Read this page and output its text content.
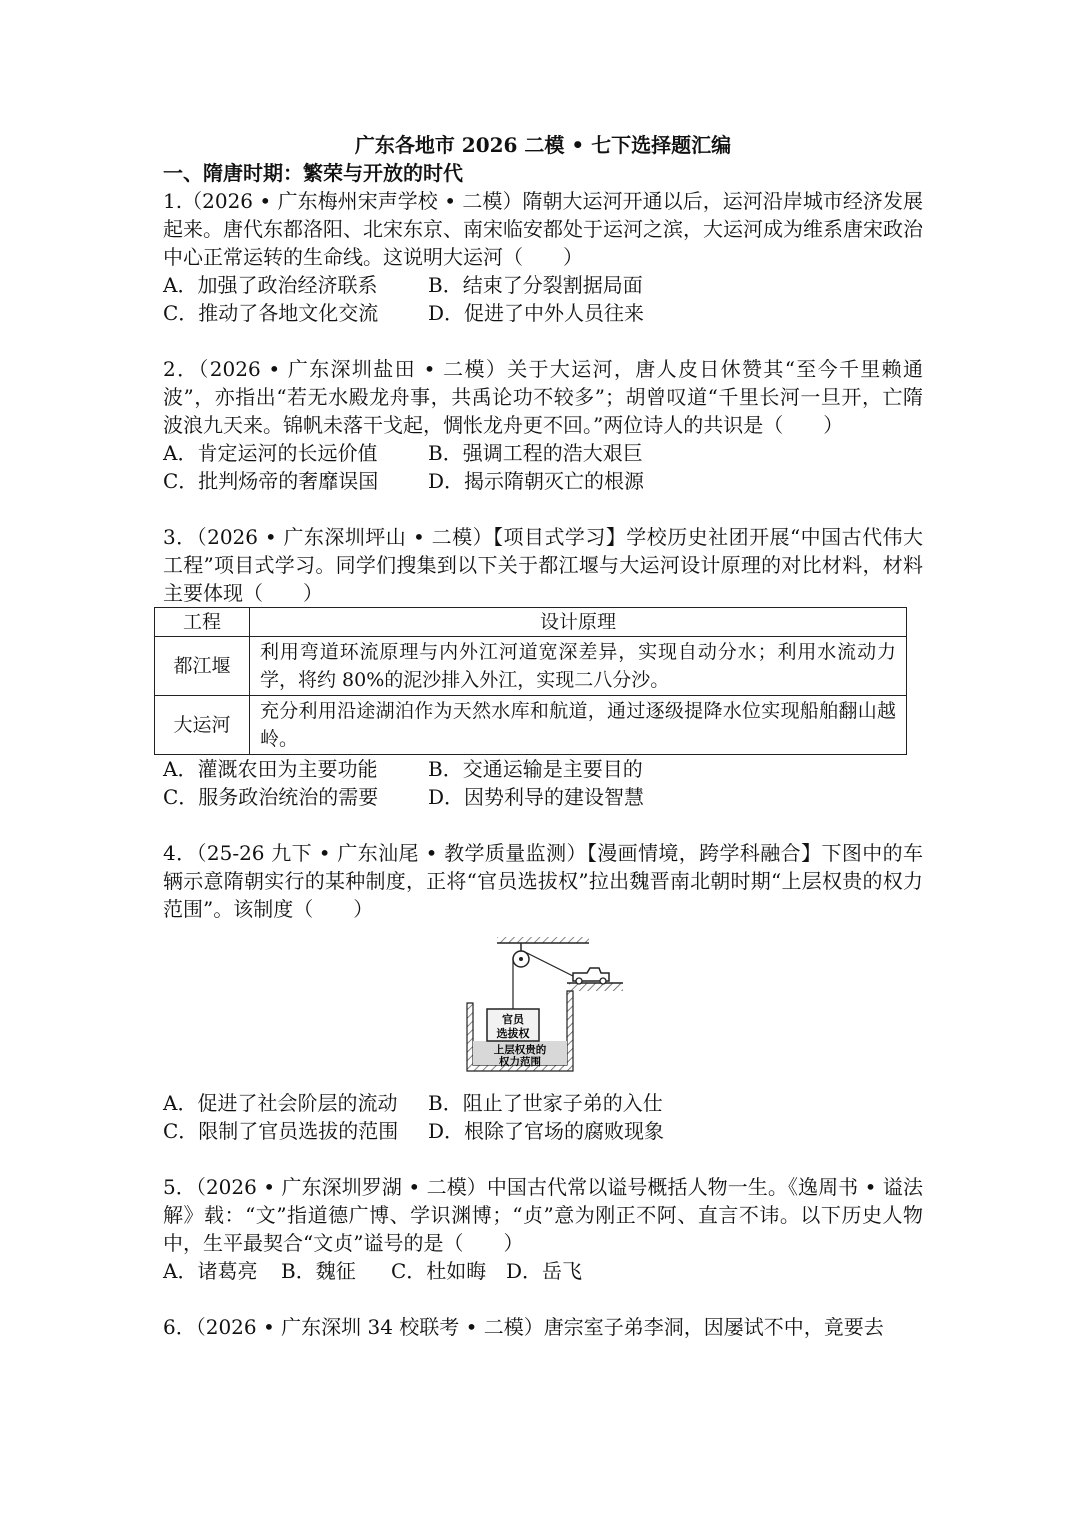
广东各地市 2026 二模 • 七下选择题汇编

一、隋唐时期：繁荣与开放的时代

1.（2026 • 广东梅州宋声学校 • 二模）隋朝大运河开通以后，运河沿岸城市经济发展起来。唐代东都洛阳、北宋东京、南宋临安都处于运河之滨，大运河成为维系唐宋政治中心正常运转的生命线。这说明大运河（　　）

A．加强了政治经济联系	B．结束了分裂割据局面
C．推动了各地文化交流	D．促进了中外人员往来

2．（2026 • 广东深圳盐田 • 二模）关于大运河，唐人皮日休赞其“至今千里赖通波”，亦指出“若无水殿龙舟事，共禹论功不较多”；胡曾叹道“千里长河一旦开，亡隋波浪九天来。锦帆未落干戈起，惆怅龙舟更不回。”两位诗人的共识是（　　）

A．肯定运河的长远价值	B．强调工程的浩大艰巨
C．批判炀帝的奢靡误国	D．揭示隋朝灭亡的根源

3．（2026 • 广东深圳坪山 • 二模）【项目式学习】学校历史社团开展“中国古代伟大工程”项目式学习。同学们搜集到以下关于都江堰与大运河设计原理的对比材料，材料主要体现（　　）

工程	设计原理
都江堰	利用弯道环流原理与内外江河道宽深差异，实现自动分水；利用水流动力学，将约 80%的泥沙排入外江，实现二八分沙。
大运河	充分利用沿途湖泊作为天然水库和航道，通过逐级提降水位实现船舶翻山越岭。
A．灌溉农田为主要功能	B．交通运输是主要目的
C．服务政治统治的需要	D．因势利导的建设智慧

4．（25-26 九下 • 广东汕尾 • 教学质量监测）【漫画情境，跨学科融合】下图中的车辆示意隋朝实行的某种制度，正将“官员选拔权”拉出魏晋南北朝时期“上层权贵的权力范围”。该制度（　　）

官员
选拔权
上层权贵的
权力范围
A．促进了社会阶层的流动	B．阻止了世家子弟的入仕
C．限制了官员选拔的范围	D．根除了官场的腐败现象

5．（2026 • 广东深圳罗湖 • 二模）中国古代常以谥号概括人物一生。《逸周书 • 谥法解》载：“文”指道德广博、学识渊博；“贞”意为刚正不阿、直言不讳。以下历史人物中，生平最契合“文贞”谥号的是（　　）

A．诸葛亮	B．魏征	C．杜如晦 D．岳飞

6．（2026 • 广东深圳 34 校联考 • 二模）唐宗室子弟李洞，因屡试不中，竟要去
